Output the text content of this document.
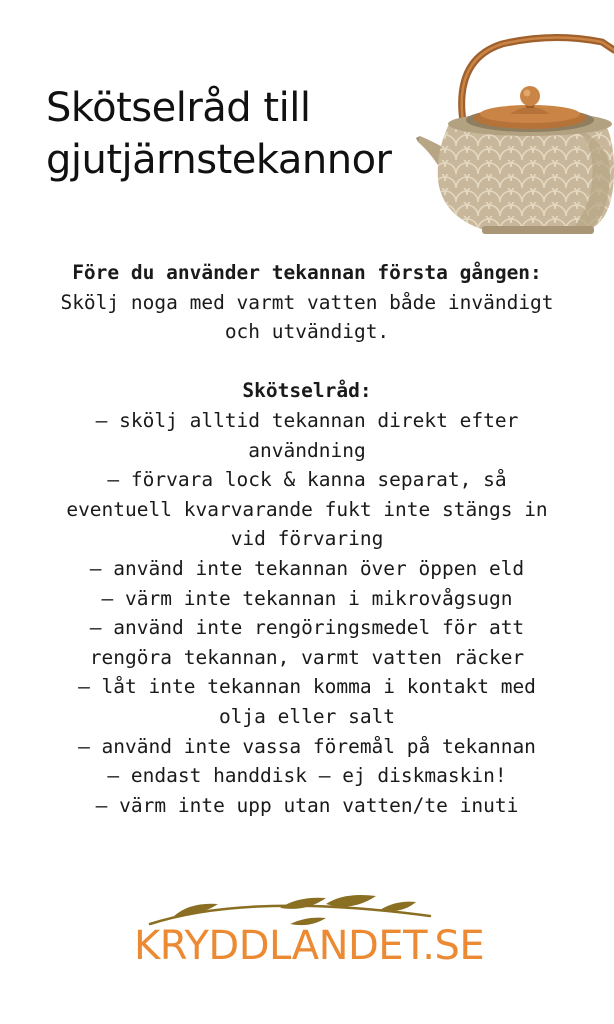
Skötselråd till
gjutjärnstekannor
Före du använder tekannan första gången:
Skölj noga med varmt vatten både invändigt
och utvändigt.
Skötselråd:
– skölj alltid tekannan direkt efter
användning
– förvara lock & kanna separat, så
eventuell kvarvarande fukt inte stängs in
vid förvaring
– använd inte tekannan över öppen eld
– värm inte tekannan i mikrovågsugn
– använd inte rengöringsmedel för att
rengöra tekannan, varmt vatten räcker
– låt inte tekannan komma i kontakt med
olja eller salt
– använd inte vassa föremål på tekannan
– endast handdisk – ej diskmaskin!
– värm inte upp utan vatten/te inuti
KRYDDLANDET.SE
